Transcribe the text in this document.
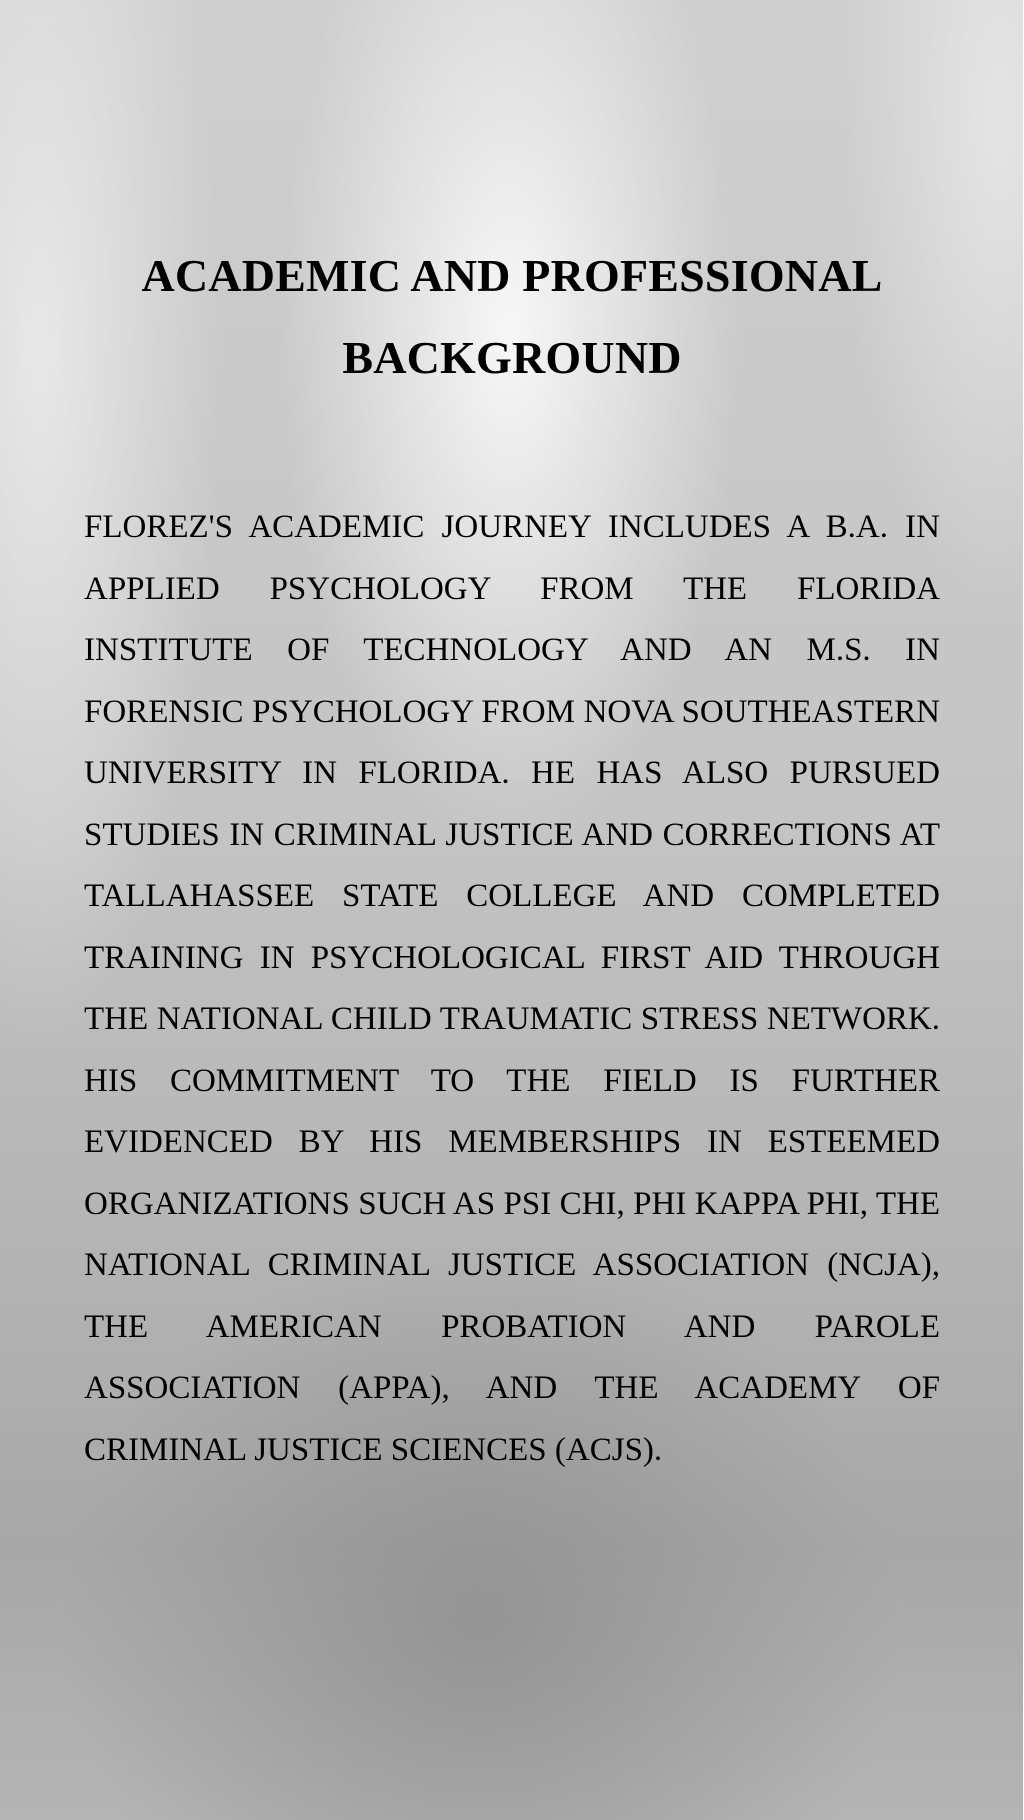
ACADEMIC AND PROFESSIONAL BACKGROUND

FLOREZ'S ACADEMIC JOURNEY INCLUDES A B.A. IN APPLIED PSYCHOLOGY FROM THE FLORIDA INSTITUTE OF TECHNOLOGY AND AN M.S. IN FORENSIC PSYCHOLOGY FROM NOVA SOUTHEASTERN UNIVERSITY IN FLORIDA. HE HAS ALSO PURSUED STUDIES IN CRIMINAL JUSTICE AND CORRECTIONS AT TALLAHASSEE STATE COLLEGE AND COMPLETED TRAINING IN PSYCHOLOGICAL FIRST AID THROUGH THE NATIONAL CHILD TRAUMATIC STRESS NETWORK. HIS COMMITMENT TO THE FIELD IS FURTHER EVIDENCED BY HIS MEMBERSHIPS IN ESTEEMED ORGANIZATIONS SUCH AS PSI CHI, PHI KAPPA PHI, THE NATIONAL CRIMINAL JUSTICE ASSOCIATION (NCJA), THE AMERICAN PROBATION AND PAROLE ASSOCIATION (APPA), AND THE ACADEMY OF CRIMINAL JUSTICE SCIENCES (ACJS).
